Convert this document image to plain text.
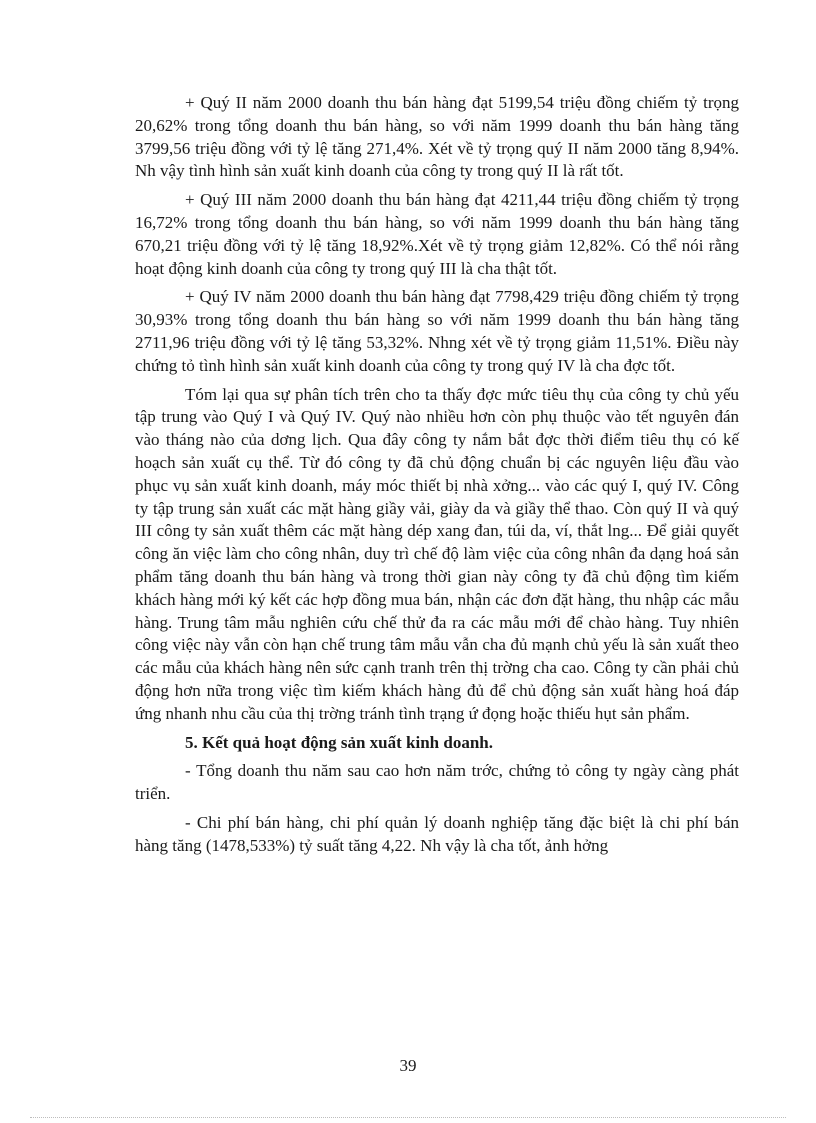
+ Quý II năm 2000 doanh thu bán hàng đạt 5199,54 triệu đồng chiếm tỷ trọng 20,62% trong tổng doanh thu bán hàng, so với năm 1999 doanh thu bán hàng tăng 3799,56 triệu đồng với tỷ lệ tăng 271,4%. Xét về tỷ trọng quý II năm 2000 tăng 8,94%. Nh vậy tình hình sản xuất kinh doanh của công ty trong quý II là rất tốt.

+ Quý III năm 2000 doanh thu bán hàng đạt 4211,44 triệu đồng chiếm tỷ trọng 16,72% trong tổng doanh thu bán hàng, so với năm 1999 doanh thu bán hàng tăng 670,21 triệu đồng với tỷ lệ tăng 18,92%.Xét về tỷ trọng giảm 12,82%. Có thể nói rằng hoạt động kinh doanh của công ty trong quý III là cha thật tốt.

+ Quý IV năm 2000 doanh thu bán hàng đạt 7798,429 triệu đồng chiếm tỷ trọng 30,93% trong tổng doanh thu bán hàng so với năm 1999 doanh thu bán hàng tăng 2711,96 triệu đồng với tỷ lệ tăng 53,32%. Nhng xét về tỷ trọng giảm 11,51%. Điều này chứng tỏ tình hình sản xuất kinh doanh của công ty trong quý IV là cha đợc tốt.

Tóm lại qua sự phân tích trên cho ta thấy đợc mức tiêu thụ của công ty chủ yếu tập trung vào Quý I và Quý IV. Quý nào nhiều hơn còn phụ thuộc vào tết nguyên đán vào tháng nào của dơng lịch. Qua đây công ty nắm bắt đợc thời điểm tiêu thụ có kế hoạch sản xuất cụ thể. Từ đó công ty đã chủ động chuẩn bị các nguyên liệu đầu vào phục vụ sản xuất kinh doanh, máy móc thiết bị nhà xởng... vào các quý I, quý IV. Công ty tập trung sản xuất các mặt hàng giầy vải, giày da và giầy thể thao. Còn quý II và quý III công ty sản xuất thêm các mặt hàng dép xang đan, túi da, ví, thắt lng... Để giải quyết công ăn việc làm cho công nhân, duy trì chế độ làm việc của công nhân đa dạng hoá sản phẩm tăng doanh thu bán hàng và trong thời gian này công ty đã chủ động tìm kiếm khách hàng mới ký kết các hợp đồng mua bán, nhận các đơn đặt hàng, thu nhập các mẫu hàng. Trung tâm mẫu nghiên cứu chế thử đa ra các mẫu mới để chào hàng. Tuy nhiên công việc này vẫn còn hạn chế trung tâm mẫu vẫn cha đủ mạnh chủ yếu là sản xuất theo các mẫu của khách hàng nên sức cạnh tranh trên thị trờng cha cao. Công ty cần phải chủ động hơn nữa trong việc tìm kiếm khách hàng đủ để chủ động sản xuất hàng hoá đáp ứng nhanh nhu cầu của thị trờng tránh tình trạng ứ đọng hoặc thiếu hụt sản phẩm.

5. Kết quả hoạt động sản xuất kinh doanh.

- Tổng doanh thu năm sau cao hơn năm trớc, chứng tỏ công ty ngày càng phát triển.

- Chi phí bán hàng, chi phí quản lý doanh nghiệp tăng đặc biệt là chi phí bán hàng tăng (1478,533%) tỷ suất tăng 4,22. Nh vậy là cha tốt, ảnh hởng

39
